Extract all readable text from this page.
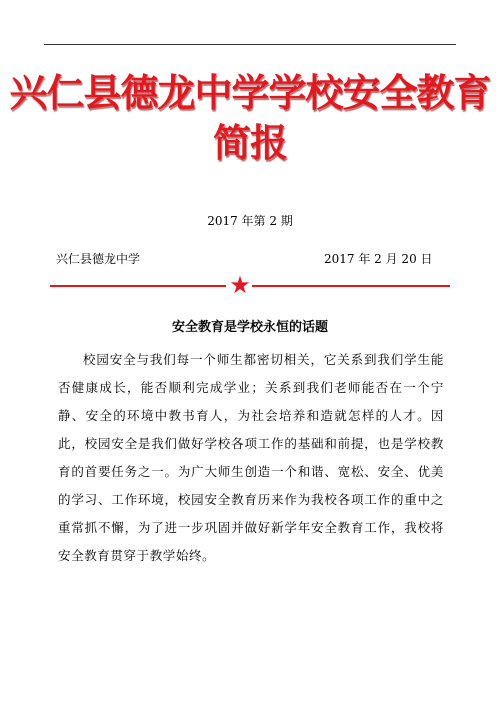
兴仁县德龙中学学校安全教育
简报
2017 年第 2 期
兴仁县德龙中学	2017 年 2 月 20 日
★
安全教育是学校永恒的话题
校园安全与我们每一个师生都密切相关，它关系到我们学生能否健康成长，能否顺利完成学业；关系到我们老师能否在一个宁静、安全的环境中教书育人，为社会培养和造就怎样的人才。因此，校园安全是我们做好学校各项工作的基础和前提，也是学校教育的首要任务之一。为广大师生创造一个和谐、宽松、安全、优美的学习、工作环境，校园安全教育历来作为我校各项工作的重中之重常抓不懈，为了进一步巩固并做好新学年安全教育工作，我校将安全教育贯穿于教学始终。
